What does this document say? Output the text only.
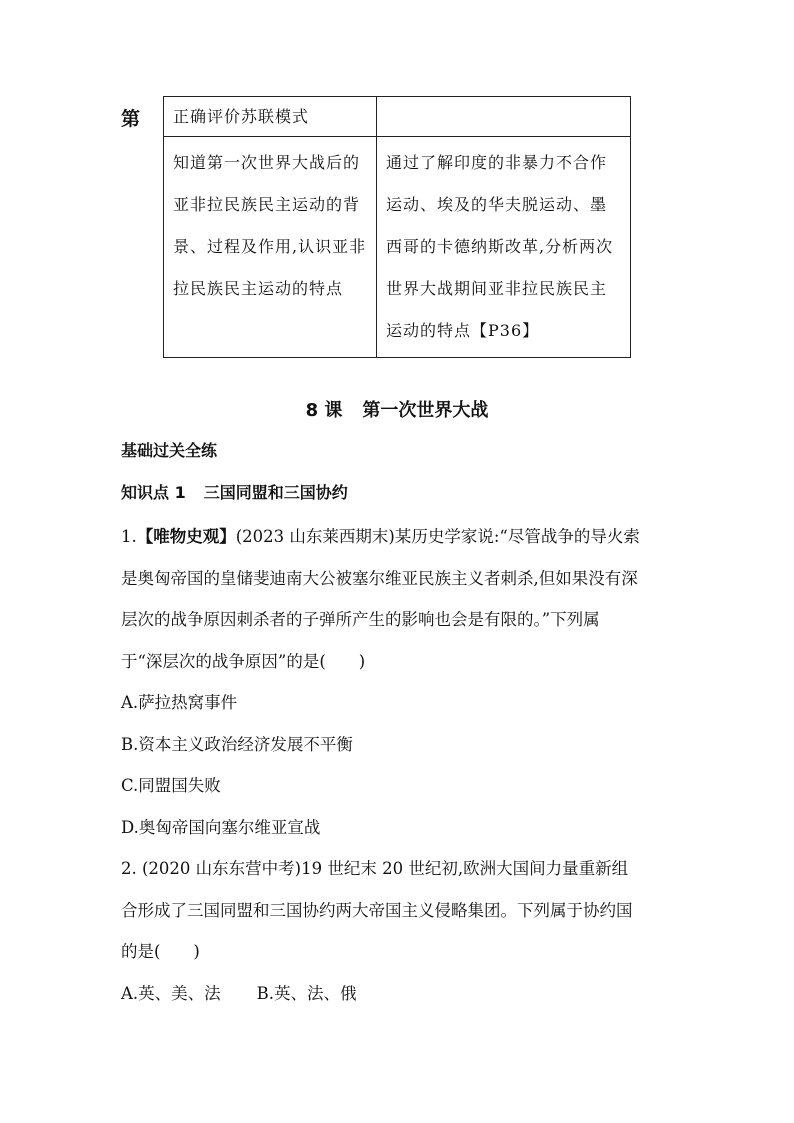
第 正确评价苏联模式	
知道第一次世界大战后的亚非拉民族民主运动的背景、过程及作用,认识亚非拉民族民主运动的特点	通过了解印度的非暴力不合作运动、埃及的华夫脱运动、墨西哥的卡德纳斯改革,分析两次世界大战期间亚非拉民族民主运动的特点【P36】
8 课 第一次世界大战
基础过关全练
知识点 1 三国同盟和三国协约

1.【唯物史观】(2023 山东莱西期末)某历史学家说:“尽管战争的导火索是奥匈帝国的皇储斐迪南大公被塞尔维亚民族主义者刺杀,但如果没有深层次的战争原因刺杀者的子弹所产生的影响也会是有限的。”下列属于“深层次的战争原因”的是(　　)

A.萨拉热窝事件

B.资本主义政治经济发展不平衡

C.同盟国失败

D.奥匈帝国向塞尔维亚宣战

2. (2020 山东东营中考)19 世纪末 20 世纪初,欧洲大国间力量重新组合形成了三国同盟和三国协约两大帝国主义侵略集团。下列属于协约国的是(　　)

A.英、美、法 B.英、法、俄
